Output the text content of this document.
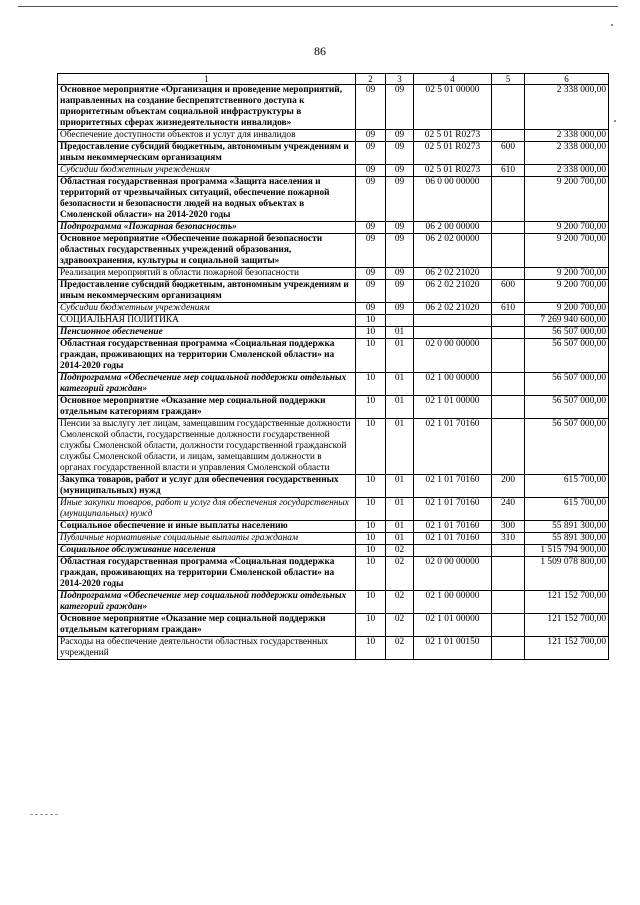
86
1	2	3	4	5	6
Основное мероприятие «Организация и проведение мероприятий, направленных на создание беспрепятственного доступа к приоритетным объектам социальной инфраструктуры в приоритетных сферах жизнедеятельности инвалидов»	09	09	02 5 01 00000		2 338 000,00
Обеспечение доступности объектов и услуг для инвалидов	09	09	02 5 01 R0273		2 338 000,00
Предоставление субсидий бюджетным, автономным учреждениям и иным некоммерческим организациям	09	09	02 5 01 R0273	600	2 338 000,00
Субсидии бюджетным учреждениям	09	09	02 5 01 R0273	610	2 338 000,00
Областная государственная программа «Защита населения и территорий от чрезвычайных ситуаций, обеспечение пожарной безопасности и безопасности людей на водных объектах в Смоленской области» на 2014-2020 годы	09	09	06 0 00 00000		9 200 700,00
Подпрограмма «Пожарная безопасность»	09	09	06 2 00 00000		9 200 700,00
Основное мероприятие «Обеспечение пожарной безопасности областных государственных учреждений образования, здравоохранения, культуры и социальной защиты»	09	09	06 2 02 00000		9 200 700,00
Реализация мероприятий в области пожарной безопасности	09	09	06 2 02 21020		9 200 700,00
Предоставление субсидий бюджетным, автономным учреждениям и иным некоммерческим организациям	09	09	06 2 02 21020	600	9 200 700,00
Субсидии бюджетным учреждениям	09	09	06 2 02 21020	610	9 200 700,00
СОЦИАЛЬНАЯ ПОЛИТИКА	10				7 269 940 600,00
Пенсионное обеспечение	10	01			56 507 000,00
Областная государственная программа «Социальная поддержка граждан, проживающих на территории Смоленской области» на 2014-2020 годы	10	01	02 0 00 00000		56 507 000,00
Подпрограмма «Обеспечение мер социальной поддержки отдельных категорий граждан»	10	01	02 1 00 00000		56 507 000,00
Основное мероприятие «Оказание мер социальной поддержки отдельным категориям граждан»	10	01	02 1 01 00000		56 507 000,00
Пенсии за выслугу лет лицам, замещавшим государственные должности Смоленской области, государственные должности государственной службы Смоленской области, должности государственной гражданской службы Смоленской области, и лицам, замещавшим должности в органах государственной власти и управления Смоленской области	10	01	02 1 01 70160		56 507 000,00
Закупка товаров, работ и услуг для обеспечения государственных (муниципальных) нужд	10	01	02 1 01 70160	200	615 700,00
Иные закупки товаров, работ и услуг для обеспечения государственных (муниципальных) нужд	10	01	02 1 01 70160	240	615 700,00
Социальное обеспечение и иные выплаты населению	10	01	02 1 01 70160	300	55 891 300,00
Публичные нормативные социальные выплаты гражданам	10	01	02 1 01 70160	310	55 891 300,00
Социальное обслуживание населения	10	02			1 515 794 900,00
Областная государственная программа «Социальная поддержка граждан, проживающих на территории Смоленской области» на 2014-2020 годы	10	02	02 0 00 00000		1 509 078 800,00
Подпрограмма «Обеспечение мер социальной поддержки отдельных категорий граждан»	10	02	02 1 00 00000		121 152 700,00
Основное мероприятие «Оказание мер социальной поддержки отдельным категориям граждан»	10	02	02 1 01 00000		121 152 700,00
Расходы на обеспечение деятельности областных государственных учреждений	10	02	02 1 01 00150		121 152 700,00
